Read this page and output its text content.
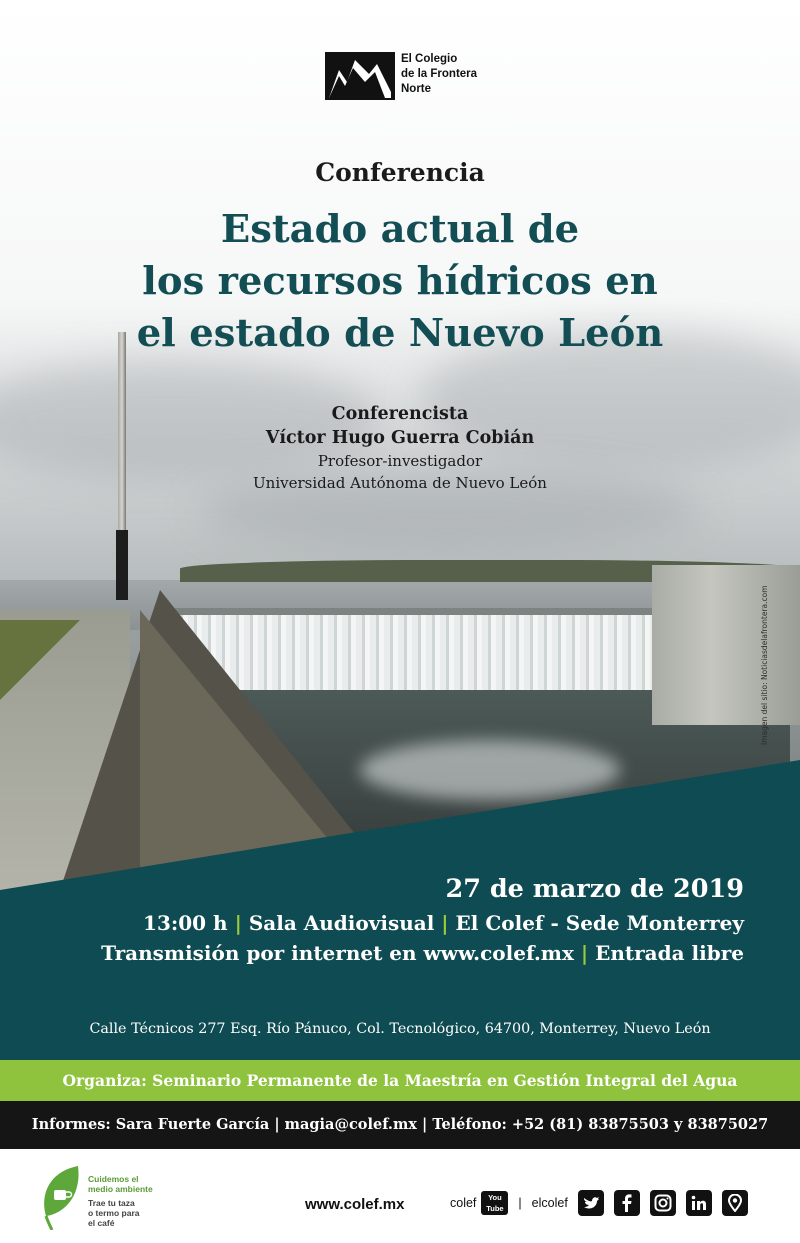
Imagen del sitio: Noticiasdelafrontera.com
El Colegio
de la Frontera
Norte
Conferencia
Estado actual de
los recursos hídricos en
el estado de Nuevo León
Conferencista
Víctor Hugo Guerra Cobián
Profesor-investigador
Universidad Autónoma de Nuevo León
27 de marzo de 2019
13:00 h | Sala Audiovisual | El Colef - Sede Monterrey
Transmisión por internet en www.colef.mx | Entrada libre
Calle Técnicos 277 Esq. Río Pánuco, Col. Tecnológico, 64700, Monterrey, Nuevo León
Organiza: Seminario Permanente de la Maestría en Gestión Integral del Agua
Informes: Sara Fuerte García | magia@colef.mx | Teléfono: +52 (81) 83875503 y 83875027
Cuidemos el
medio ambiente
Trae tu taza
o termo para
el café
www.colef.mx	colef	You
Tube	| elcolef
